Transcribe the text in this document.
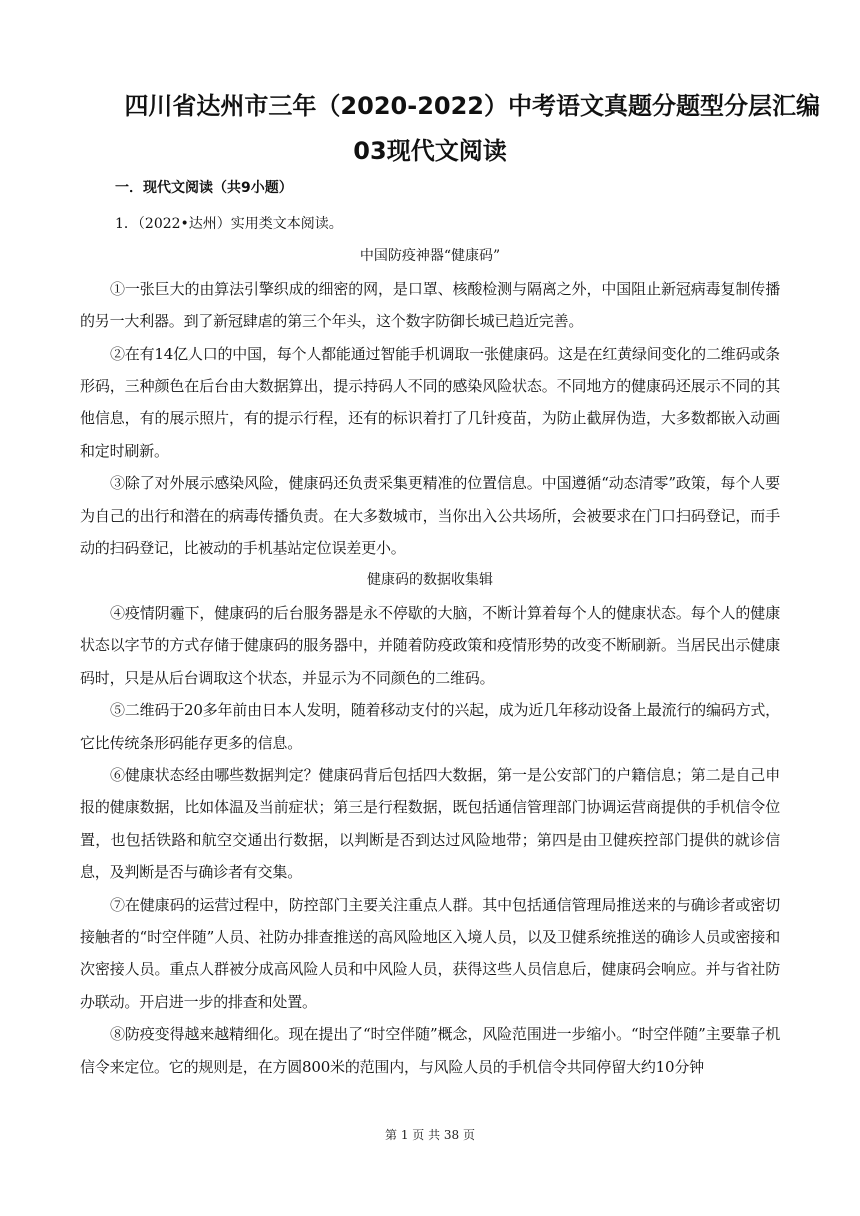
四川省达州市三年（2020-2022）中考语文真题分题型分层汇编
03现代文阅读
一．现代文阅读（共9小题）

1．（2022•达州）实用类文本阅读。

中国防疫神器“健康码”

①一张巨大的由算法引擎织成的细密的网，是口罩、核酸检测与隔离之外，中国阻止新冠病毒复制传播的另一大利器。到了新冠肆虐的第三个年头，这个数字防御长城已趋近完善。

②在有14亿人口的中国，每个人都能通过智能手机调取一张健康码。这是在红黄绿间变化的二维码或条形码，三种颜色在后台由大数据算出，提示持码人不同的感染风险状态。不同地方的健康码还展示不同的其他信息，有的展示照片，有的提示行程，还有的标识着打了几针疫苗，为防止截屏伪造，大多数都嵌入动画和定时刷新。

③除了对外展示感染风险，健康码还负责采集更精准的位置信息。中国遵循“动态清零”政策，每个人要为自己的出行和潜在的病毒传播负责。在大多数城市，当你出入公共场所，会被要求在门口扫码登记，而手动的扫码登记，比被动的手机基站定位误差更小。

健康码的数据收集辑

④疫情阴霾下，健康码的后台服务器是永不停歇的大脑，不断计算着每个人的健康状态。每个人的健康状态以字节的方式存储于健康码的服务器中，并随着防疫政策和疫情形势的改变不断刷新。当居民出示健康码时，只是从后台调取这个状态，并显示为不同颜色的二维码。

⑤二维码于20多年前由日本人发明，随着移动支付的兴起，成为近几年移动设备上最流行的编码方式，它比传统条形码能存更多的信息。

⑥健康状态经由哪些数据判定？健康码背后包括四大数据，第一是公安部门的户籍信息；第二是自己申报的健康数据，比如体温及当前症状；第三是行程数据，既包括通信管理部门协调运营商提供的手机信令位置，也包括铁路和航空交通出行数据，以判断是否到达过风险地带；第四是由卫健疾控部门提供的就诊信息，及判断是否与确诊者有交集。

⑦在健康码的运营过程中，防控部门主要关注重点人群。其中包括通信管理局推送来的与确诊者或密切接触者的“时空伴随”人员、社防办排查推送的高风险地区入境人员，以及卫健系统推送的确诊人员或密接和次密接人员。重点人群被分成高风险人员和中风险人员，获得这些人员信息后，健康码会响应。并与省社防办联动。开启进一步的排查和处置。

⑧防疫变得越来越精细化。现在提出了“时空伴随”概念，风险范围进一步缩小。“时空伴随”主要靠子机信令来定位。它的规则是，在方圆800米的范围内，与风险人员的手机信令共同停留大约10分钟

第 1 页 共 38 页
